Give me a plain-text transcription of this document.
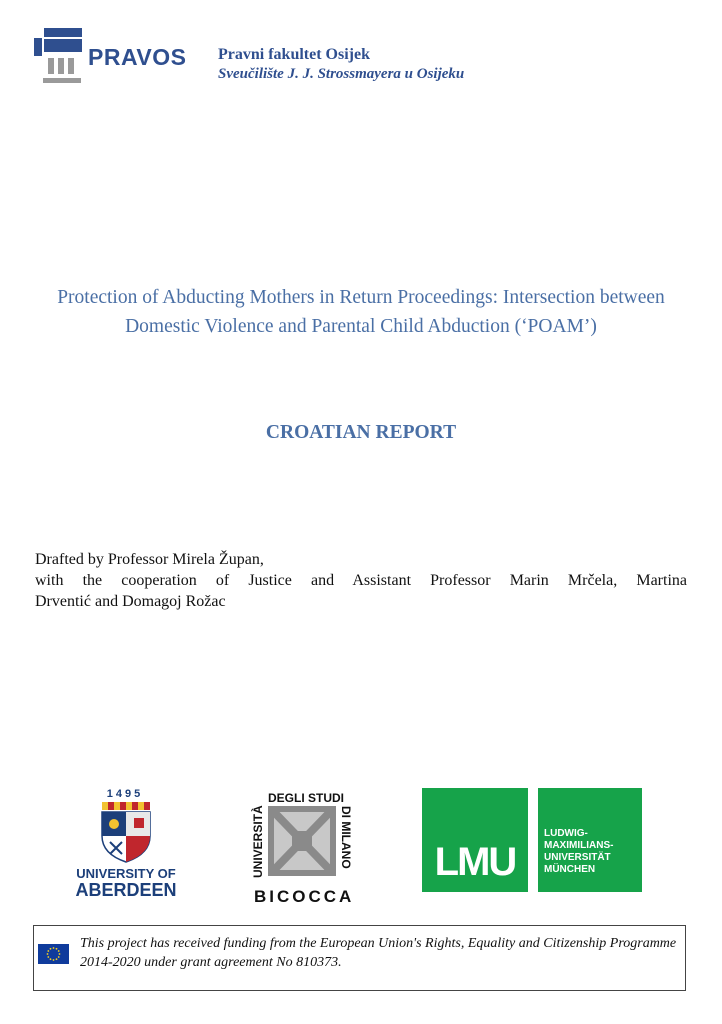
PRAVOS Pravni fakultet Osijek
Sveučilište J. J. Strossmayera u Osijeku
Protection of Abducting Mothers in Return Proceedings: Intersection between Domestic Violence and Parental Child Abduction (‘POAM’)
CROATIAN REPORT
Drafted by Professor Mirela Župan,
with the cooperation of Justice and Assistant Professor Marin Mrčela, Martina
Drventić and Domagoj Rožac
1495
UNIVERSITY OF
ABERDEEN
DEGLI STUDI
UNIVERSITÀ	DI MILANO
BICOCCA
LMU
LUDWIG-
MAXIMILIANS-
UNIVERSITÄT
MÜNCHEN
This project has received funding from the European Union's Rights, Equality and Citizenship Programme 2014-2020 under grant agreement No 810373.
